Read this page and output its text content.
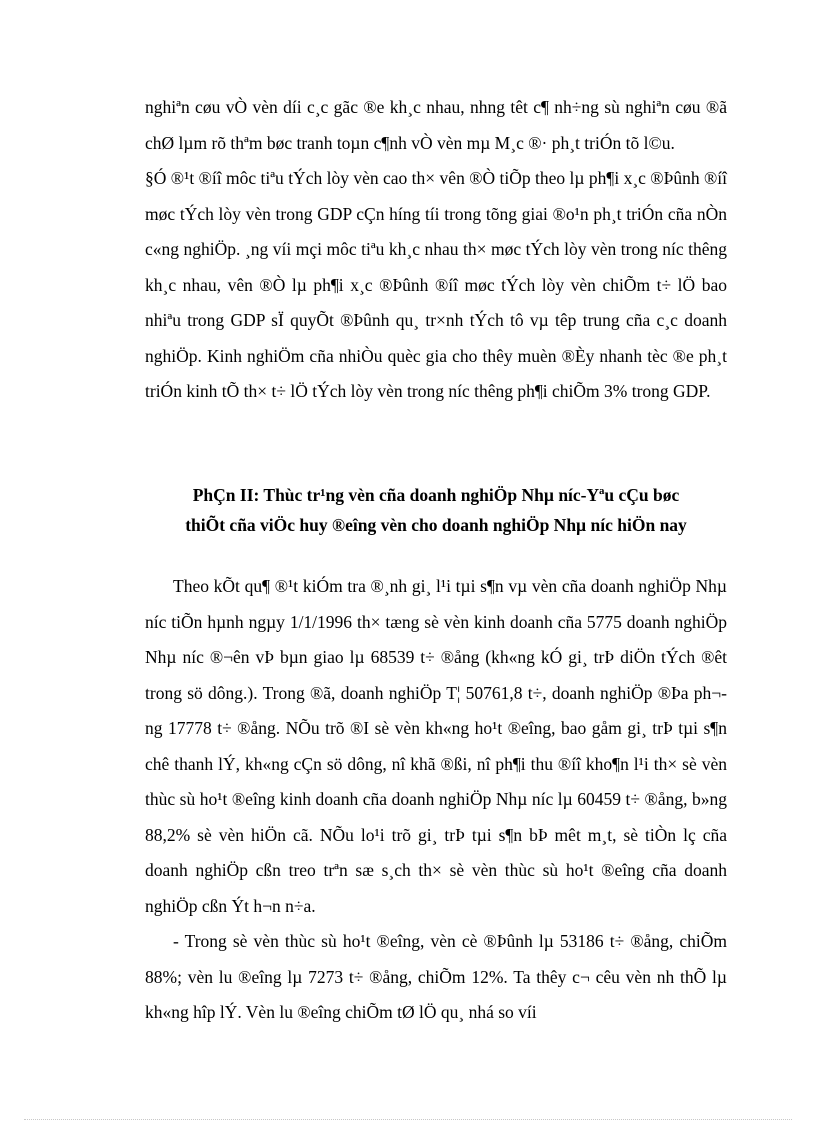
nghiªn cøu vÒ vèn díi c¸c gãc ®e kh¸c nhau, nhng têt c¶ nh÷ng sù nghiªn cøu ®ã chØ lµm rõ thªm bøc tranh toµn c¶nh vÒ vèn mµ M¸c ®· ph¸t triÓn tõ l©u.

§Ó ®¹t ®íî môc tiªu tÝch lòy vèn cao th× vên ®Ò tiÕp theo lµ ph¶i x¸c ®Þûnh ®íî møc tÝch lòy vèn trong GDP cÇn híng tíi trong tõng giai ®o¹n ph¸t triÓn cña nÒn c«ng nghiÖp. ¸ng víi mçi môc tiªu kh¸c nhau th× møc tÝch lòy vèn trong níc thêng kh¸c nhau, vên ®Ò lµ ph¶i x¸c ®Þûnh ®íî møc tÝch lòy vèn chiÕm t÷ lÖ bao nhiªu trong GDP sÏ quyÕt ®Þûnh qu¸ tr×nh tÝch tô vµ têp trung cña c¸c doanh nghiÖp. Kinh nghiÖm cña nhiÒu quèc gia cho thêy muèn ®Èy nhanh tèc ®e ph¸t triÓn kinh tÕ th× t÷ lÖ tÝch lòy vèn trong níc thêng ph¶i chiÕm 3% trong GDP.

PhÇn II: Thùc tr¹ng vèn cña doanh nghiÖp Nhµ níc-Yªu cÇu bøc

thiÕt cña viÖc huy ®eîng vèn cho doanh nghiÖp Nhµ níc hiÖn nay

Theo kÕt qu¶ ®¹t kiÓm tra ®¸nh gi¸ l¹i tµi s¶n vµ vèn cña doanh nghiÖp Nhµ níc tiÕn hµnh ngµy 1/1/1996 th× tæng sè vèn kinh doanh cña 5775 doanh nghiÖp Nhµ níc ®¬ên vÞ bµn giao lµ 68539 t÷ ®ång (kh«ng kÓ gi¸ trÞ diÖn tÝch ®êt trong sö dông.). Trong ®ã, doanh nghiÖp T¦ 50761,8 t÷, doanh nghiÖp ®Þa ph¬ng 17778 t÷ ®ång. NÕu trõ ®I sè vèn kh«ng ho¹t ®eîng, bao gåm gi¸ trÞ tµi s¶n chê thanh lÝ, kh«ng cÇn sö dông, nî khã ®ßi, nî ph¶i thu ®íî kho¶n l¹i th× sè vèn thùc sù ho¹t ®eîng kinh doanh cña doanh nghiÖp Nhµ níc lµ 60459 t÷ ®ång, b»ng 88,2% sè vèn hiÖn cã. NÕu lo¹i trõ gi¸ trÞ tµi s¶n bÞ mêt m¸t, sè tiÒn lç cña doanh nghiÖp cßn treo trªn sæ s¸ch th× sè vèn thùc sù ho¹t ®eîng cña doanh nghiÖp cßn Ýt h¬n n÷a.

- Trong sè vèn thùc sù ho¹t ®eîng, vèn cè ®Þûnh lµ 53186 t÷ ®ång, chiÕm 88%; vèn lu ®eîng lµ 7273 t÷ ®ång, chiÕm 12%. Ta thêy c¬ cêu vèn nh thÕ lµ kh«ng hîp lÝ. Vèn lu ®eîng chiÕm tØ lÖ qu¸ nhá so víi
